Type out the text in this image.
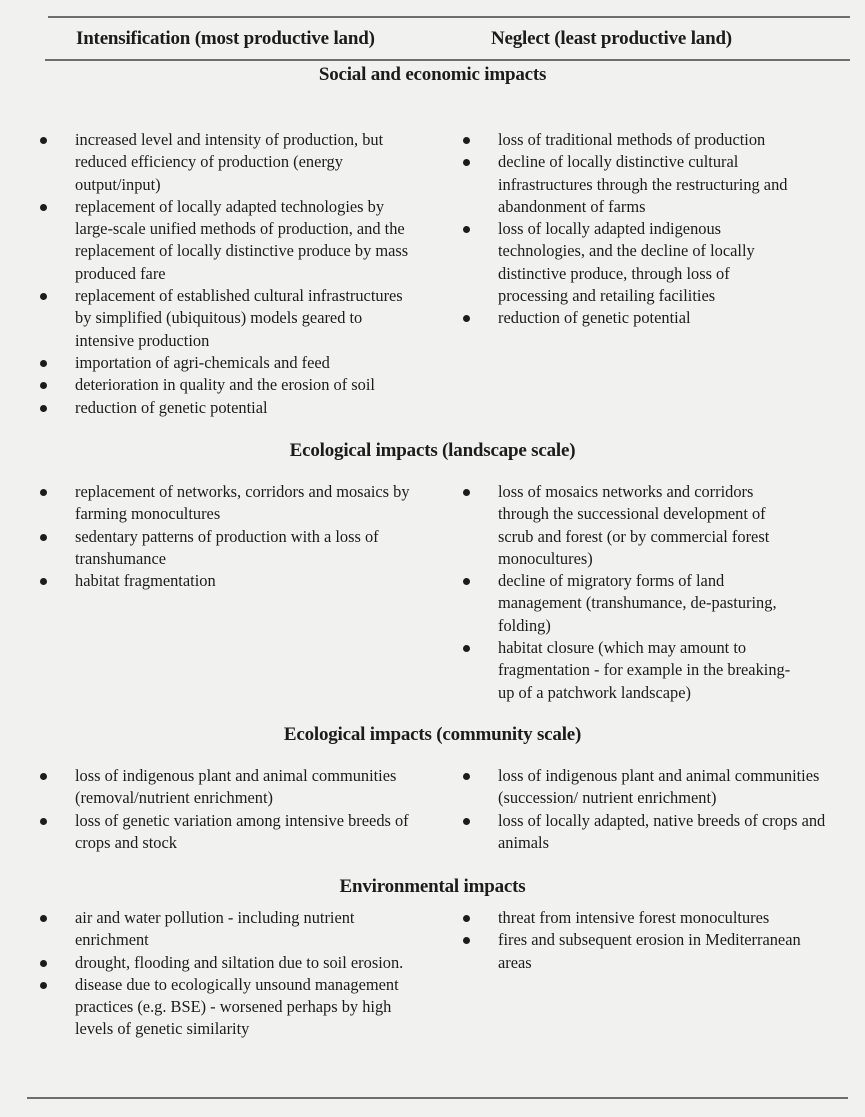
Intensification (most productive land)	Neglect (least productive land)
Social and economic impacts
increased level and intensity of production, but reduced efficiency of production (energy output/input)
replacement of locally adapted technologies by large-scale unified methods of production, and the replacement of locally distinctive produce by mass produced fare
replacement of established cultural infrastructures by simplified (ubiquitous) models geared to intensive production
importation of agri-chemicals and feed
deterioration in quality and the erosion of soil
reduction of genetic potential
loss of traditional methods of production
decline of locally distinctive cultural infrastructures through the restructuring and abandonment of farms
loss of locally adapted indigenous technologies, and the decline of locally distinctive produce, through loss of processing and retailing facilities
reduction of genetic potential
Ecological impacts (landscape scale)
replacement of networks, corridors and mosaics by farming monocultures
sedentary patterns of production with a loss of transhumance
habitat fragmentation
loss of mosaics networks and corridors through the successional development of scrub and forest (or by commercial forest monocultures)
decline of migratory forms of land management (transhumance, de-pasturing, folding)
habitat closure (which may amount to fragmentation - for example in the breaking-up of a patchwork landscape)
Ecological impacts (community scale)
loss of indigenous plant and animal communities (removal/nutrient enrichment)
loss of genetic variation among intensive breeds of crops and stock
loss of indigenous plant and animal communities (succession/ nutrient enrichment)
loss of locally adapted, native breeds of crops and animals
Environmental impacts
air and water pollution - including nutrient enrichment
drought, flooding and siltation due to soil erosion.
disease due to ecologically unsound management practices (e.g. BSE) - worsened perhaps by high levels of genetic similarity
threat from intensive forest monocultures
fires and subsequent erosion in Mediterranean areas
